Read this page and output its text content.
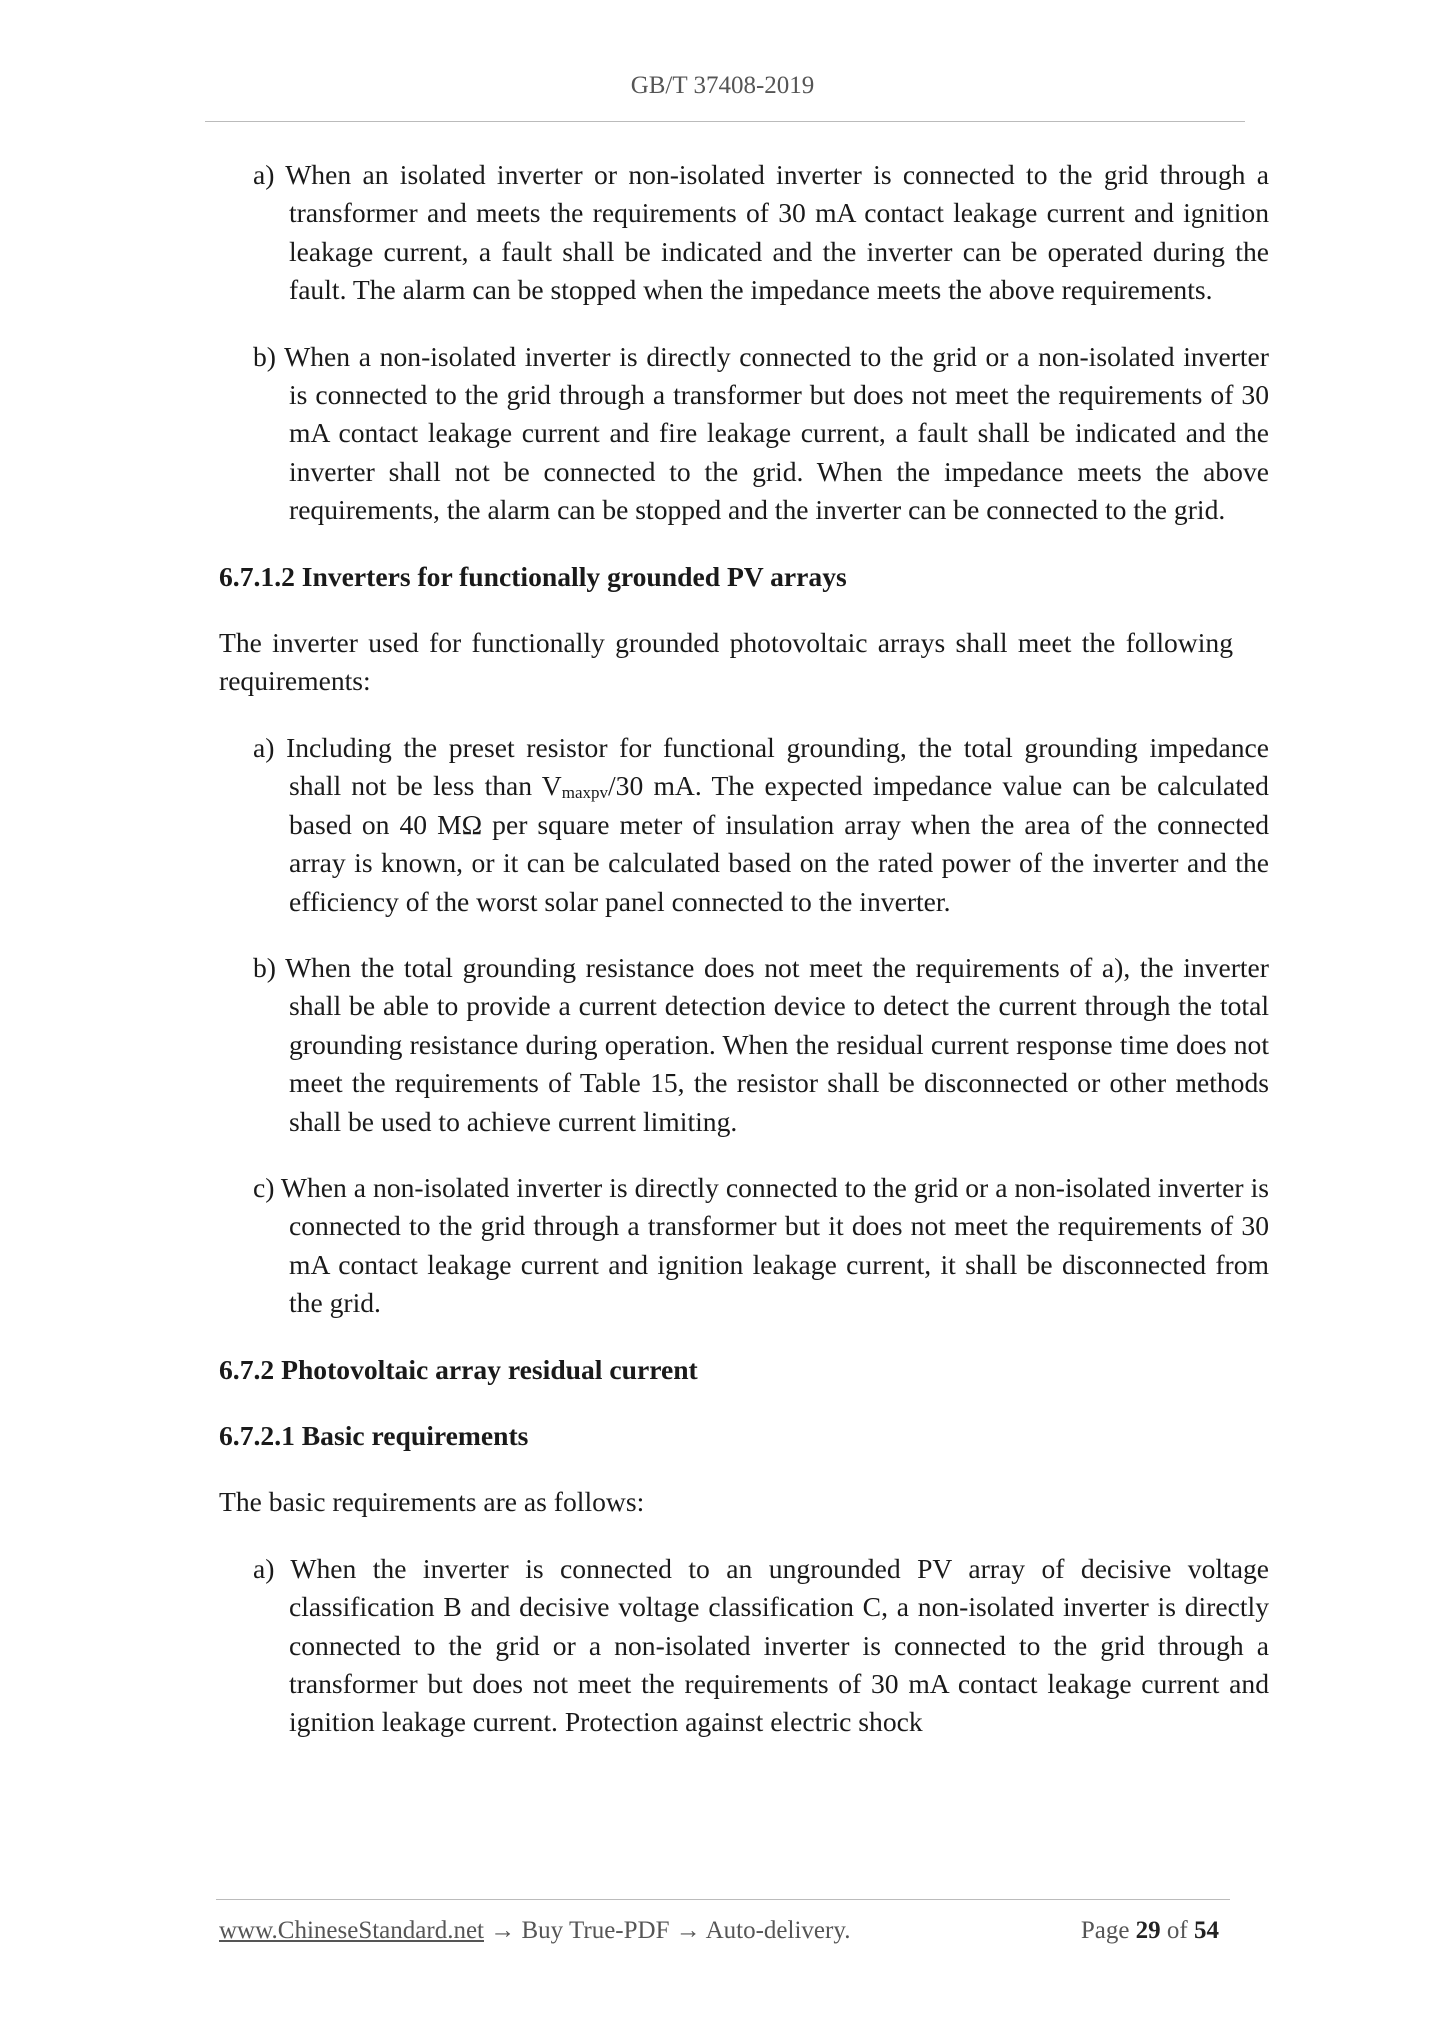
GB/T 37408-2019

a) When an isolated inverter or non-isolated inverter is connected to the grid through a transformer and meets the requirements of 30 mA contact leakage current and ignition leakage current, a fault shall be indicated and the inverter can be operated during the fault. The alarm can be stopped when the impedance meets the above requirements.

b) When a non-isolated inverter is directly connected to the grid or a non-isolated inverter is connected to the grid through a transformer but does not meet the requirements of 30 mA contact leakage current and fire leakage current, a fault shall be indicated and the inverter shall not be connected to the grid. When the impedance meets the above requirements, the alarm can be stopped and the inverter can be connected to the grid.

6.7.1.2 Inverters for functionally grounded PV arrays

The inverter used for functionally grounded photovoltaic arrays shall meet the following requirements:

a) Including the preset resistor for functional grounding, the total grounding impedance shall not be less than $V_{maxpv}/30$ mA. The expected impedance value can be calculated based on 40 MΩ per square meter of insulation array when the area of the connected array is known, or it can be calculated based on the rated power of the inverter and the efficiency of the worst solar panel connected to the inverter.

b) When the total grounding resistance does not meet the requirements of a), the inverter shall be able to provide a current detection device to detect the current through the total grounding resistance during operation. When the residual current response time does not meet the requirements of Table 15, the resistor shall be disconnected or other methods shall be used to achieve current limiting.

c) When a non-isolated inverter is directly connected to the grid or a non-isolated inverter is connected to the grid through a transformer but it does not meet the requirements of 30 mA contact leakage current and ignition leakage current, it shall be disconnected from the grid.

6.7.2 Photovoltaic array residual current

6.7.2.1 Basic requirements

The basic requirements are as follows:

a) When the inverter is connected to an ungrounded PV array of decisive voltage classification B and decisive voltage classification C, a non-isolated inverter is directly connected to the grid or a non-isolated inverter is connected to the grid through a transformer but does not meet the requirements of 30 mA contact leakage current and ignition leakage current. Protection against electric shock

www.ChineseStandard.net → Buy True-PDF → Auto-delivery.	Page 29 of 54
